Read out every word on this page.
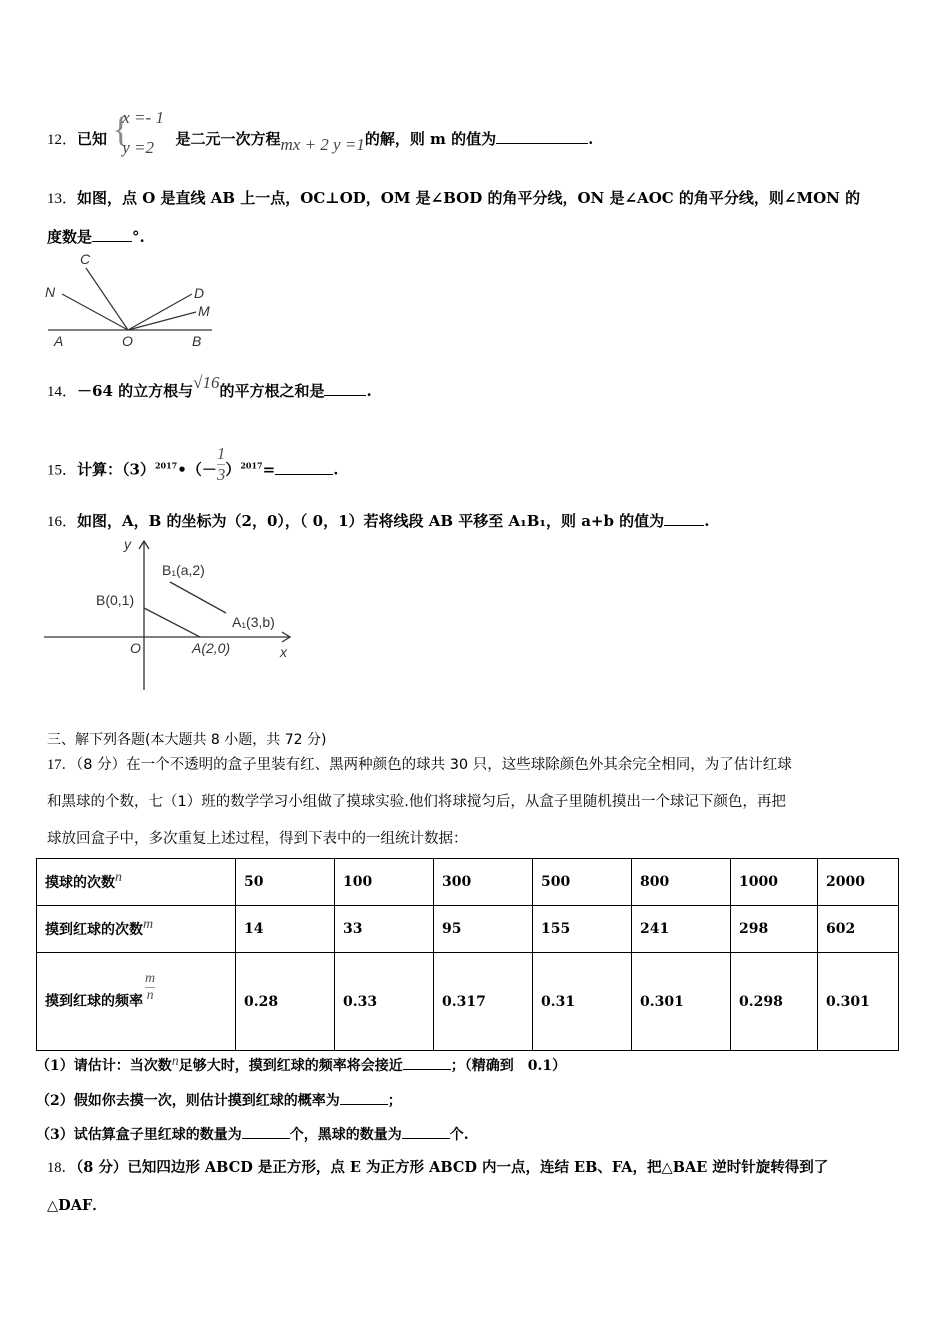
12．已知 {
x =- 1
y =2 是二元一次方程mx + 2 y =1的解，则 m 的值为	.
13．如图，点 O 是直线 AB 上一点，OC⊥OD，OM 是∠BOD 的角平分线，ON 是∠AOC 的角平分线，则∠MON 的
度数是	°.
C
N	D
M
A	O	B
14．－64 的立方根与√16的平方根之和是	.
15．计算：$(3)^{2017}•(- \frac{1}{3} )^{2017}=$	.
16．如图，A，B 的坐标为（2，0），（ 0，1）若将线段 AB 平移至 A₁B₁，则 a+b 的值为	.
y
x
O
B(0,1)
A(2,0)
B₁(a,2)
A₁(3,b)
三、解下列各题(本大题共 8 小题，共 72 分)
17．（8 分）在一个不透明的盒子里装有红、黑两种颜色的球共 30 只，这些球除颜色外其余完全相同，为了估计红球
和黑球的个数，七（1）班的数学学习小组做了摸球实验.他们将球搅匀后，从盒子里随机摸出一个球记下颜色，再把
球放回盒子中，多次重复上述过程，得到下表中的一组统计数据：
摸球的次数n	50	100	300	500	800	1000	2000
摸到红球的次数m	14	33	95	155	241	298	602
摸到红球的频率 $\frac{m}{n}$	0.28	0.33	0.317	0.31	0.301	0.298	0.301
（1）请估计：当次数n足够大时，摸到红球的频率将会接近	；（精确到　0.1）
（2）假如你去摸一次，则估计摸到红球的概率为	；
（3）试估算盒子里红球的数量为	个，黑球的数量为	个.
18．（8 分）已知四边形 ABCD 是正方形，点 E 为正方形 ABCD 内一点，连结 EB、FA，把△BAE 逆时针旋转得到了
△DAF．
